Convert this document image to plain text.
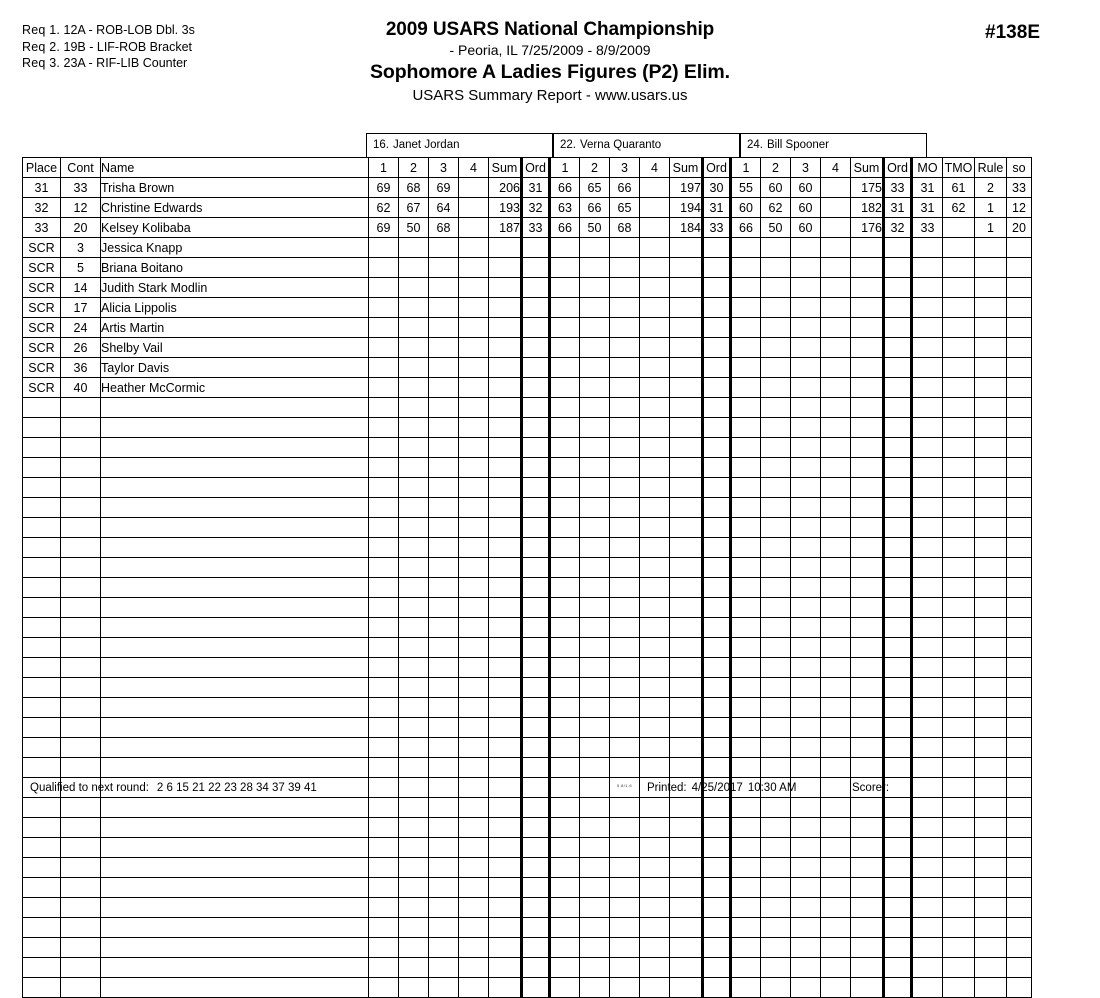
Req 1. 12A - ROB-LOB Dbl. 3s
Req 2. 19B - LIF-ROB Bracket
Req 3. 23A - RIF-LIB Counter
2009 USARS National Championship
- Peoria, IL 7/25/2009 - 8/9/2009
Sophomore A Ladies Figures (P2) Elim.
USARS Summary Report - www.usars.us
#138E
16. Janet Jordan	22. Verna Quaranto	24. Bill Spooner
Place	Cont	Name	1	2	3	4	Sum	Ord	1	2	3	4	Sum	Ord	1	2	3	4	Sum	Ord	MO	TMO	Rule	so
31	33	Trisha Brown	69	68	69		206	31	66	65	66		197	30	55	60	60		175	33	31	61	2	33
32	12	Christine Edwards	62	67	64		193	32	63	66	65		194	31	60	62	60		182	31	31	62	1	12
33	20	Kelsey Kolibaba	69	50	68		187	33	66	50	68		184	33	66	50	60		176	32	33		1	20
SCR	3	Jessica Knapp																						
SCR	5	Briana Boitano																						
SCR	14	Judith Stark Modlin																						
SCR	17	Alicia Lippolis																						
SCR	24	Artis Martin																						
SCR	26	Shelby Vail																						
SCR	36	Taylor Davis																						
SCR	40	Heather McCormic																						

Qualified to next round: 2 6 15 21 22 23 28 34 37 39 41	5.8/1.6 Printed: 4/25/2017 10:30 AM	Scorer:
